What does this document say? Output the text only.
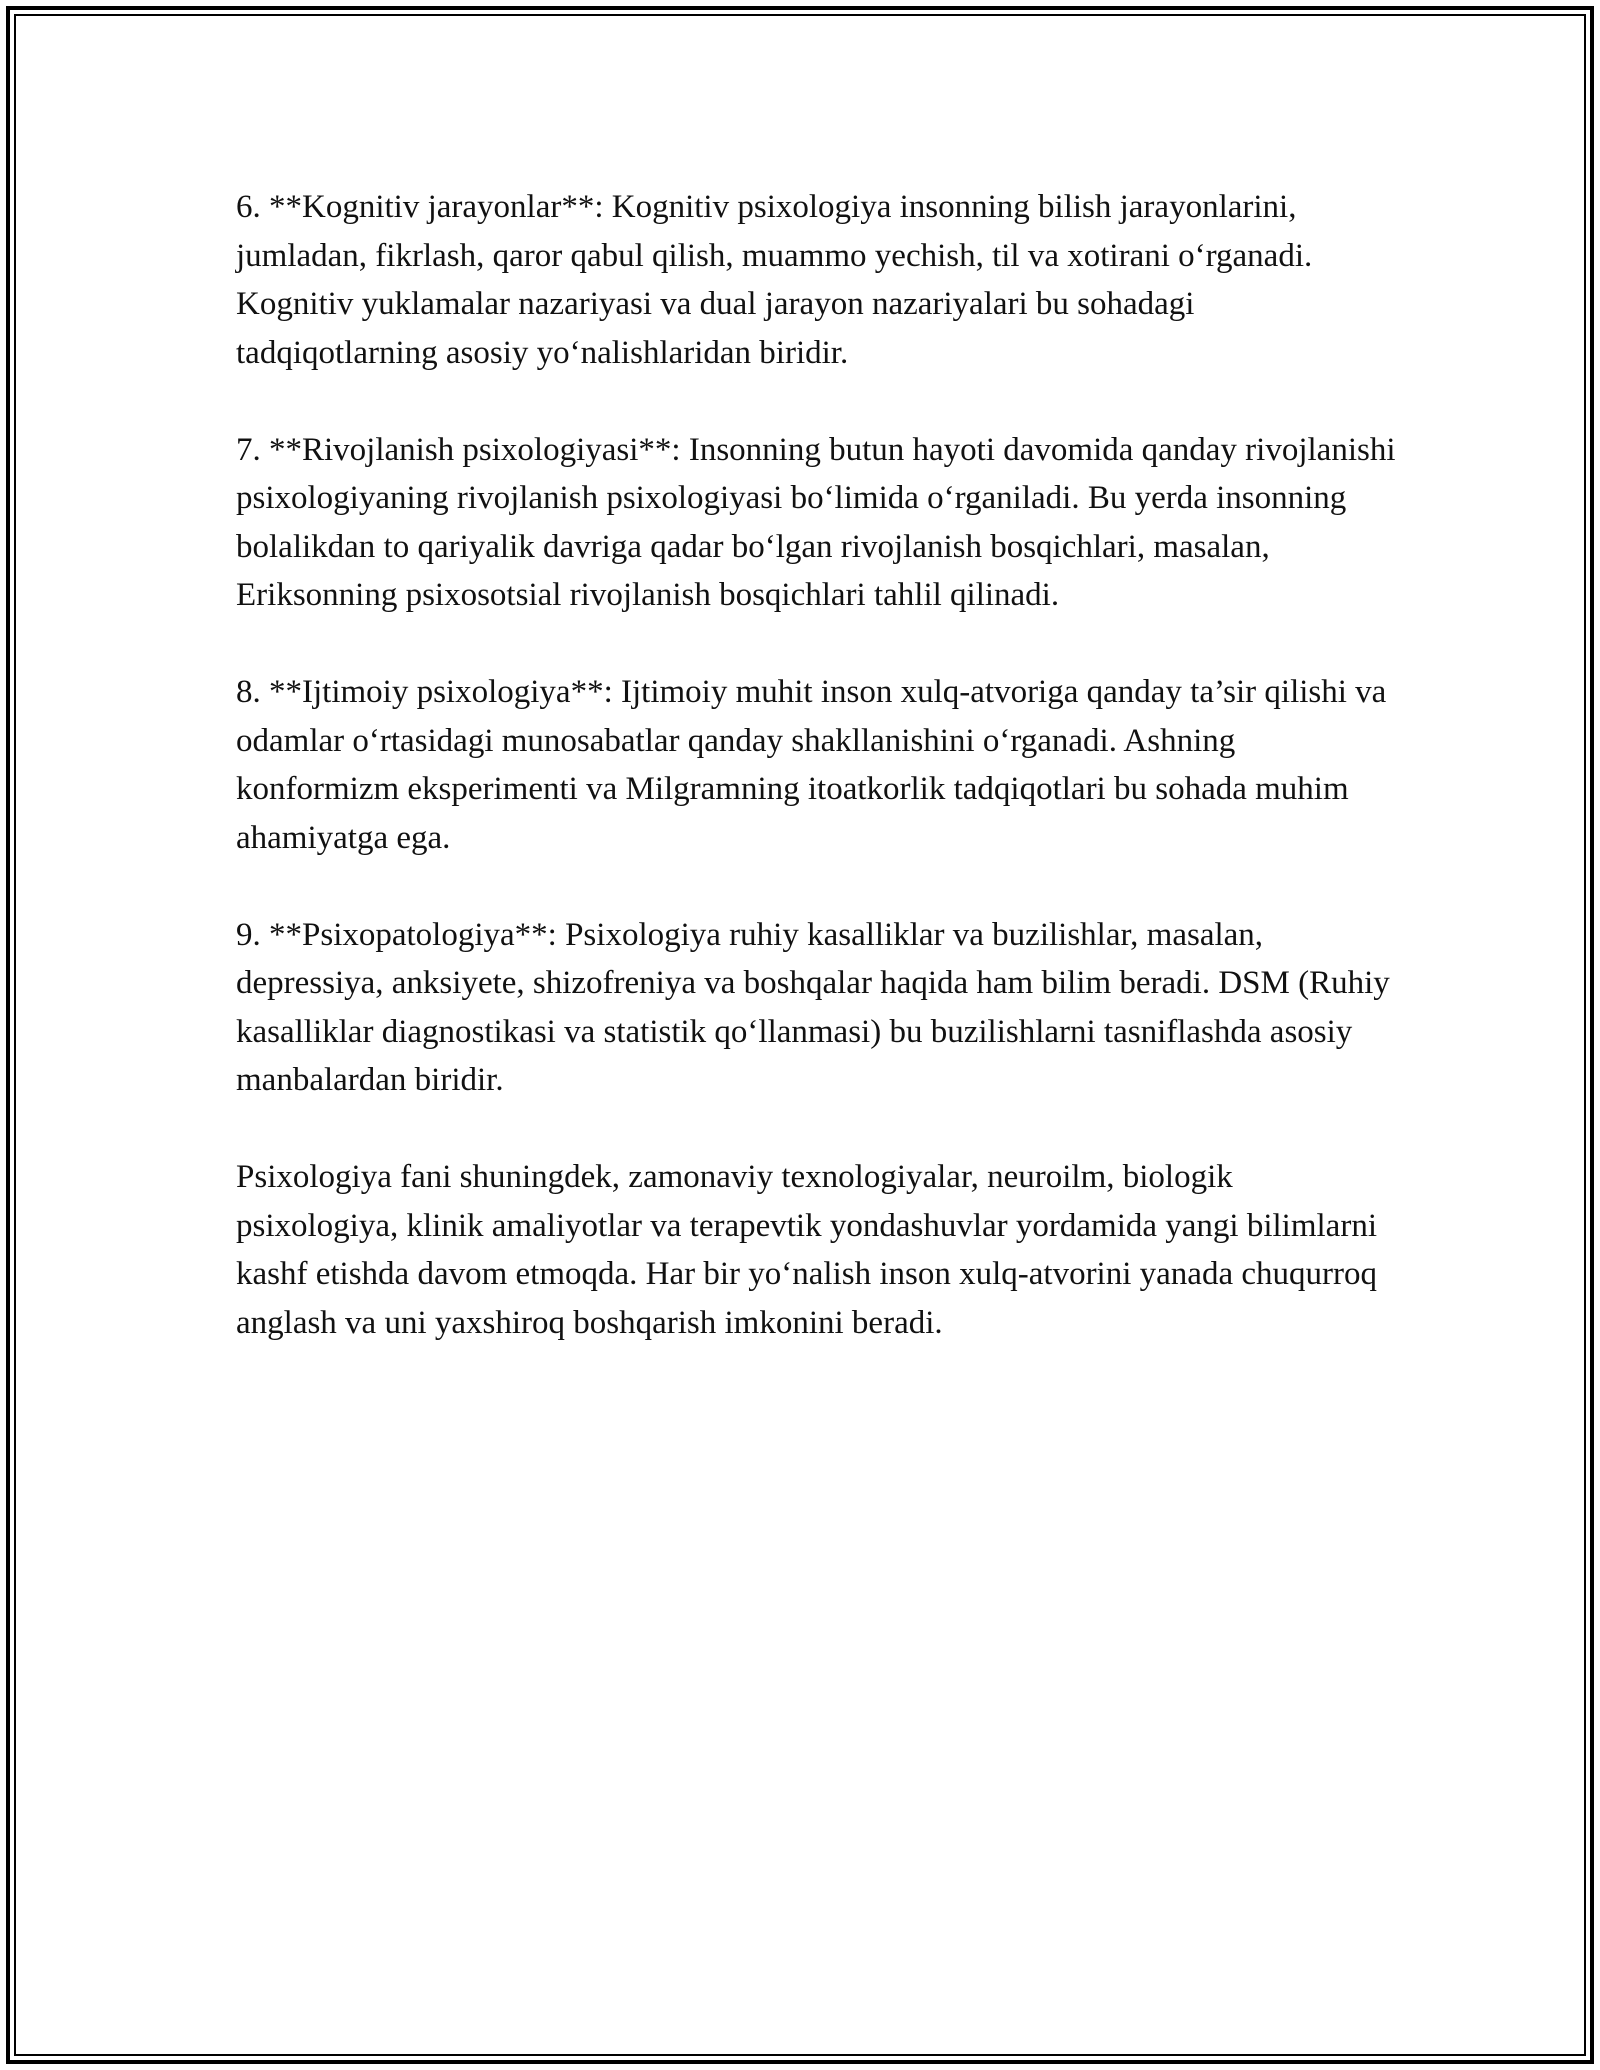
6. **Kognitiv jarayonlar**: Kognitiv psixologiya insonning bilish jarayonlarini, jumladan, fikrlash, qaror qabul qilish, muammo yechish, til va xotirani o‘rganadi. Kognitiv yuklamalar nazariyasi va dual jarayon nazariyalari bu sohadagi tadqiqotlarning asosiy yo‘nalishlaridan biridir.

7. **Rivojlanish psixologiyasi**: Insonning butun hayoti davomida qanday rivojlanishi psixologiyaning rivojlanish psixologiyasi bo‘limida o‘rganiladi. Bu yerda insonning bolalikdan to qariyalik davriga qadar bo‘lgan rivojlanish bosqichlari, masalan, Eriksonning psixosotsial rivojlanish bosqichlari tahlil qilinadi.

8. **Ijtimoiy psixologiya**: Ijtimoiy muhit inson xulq-atvoriga qanday ta’sir qilishi va odamlar o‘rtasidagi munosabatlar qanday shakllanishini o‘rganadi. Ashning konformizm eksperimenti va Milgramning itoatkorlik tadqiqotlari bu sohada muhim ahamiyatga ega.

9. **Psixopatologiya**: Psixologiya ruhiy kasalliklar va buzilishlar, masalan, depressiya, anksiyete, shizofreniya va boshqalar haqida ham bilim beradi. DSM (Ruhiy kasalliklar diagnostikasi va statistik qo‘llanmasi) bu buzilishlarni tasniflashda asosiy manbalardan biridir.

Psixologiya fani shuningdek, zamonaviy texnologiyalar, neuroilm, biologik psixologiya, klinik amaliyotlar va terapevtik yondashuvlar yordamida yangi bilimlarni kashf etishda davom etmoqda. Har bir yo‘nalish inson xulq-atvorini yanada chuqurroq anglash va uni yaxshiroq boshqarish imkonini beradi.
